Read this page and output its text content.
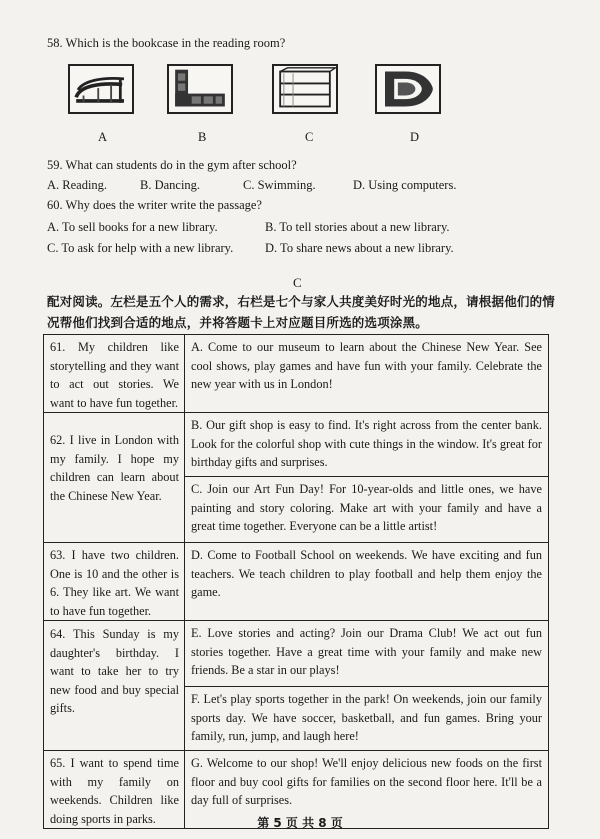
58. Which is the bookcase in the reading room?
A	B	C	D
59. What can students do in the gym after school?
A. Reading.	B. Dancing.	C. Swimming.	D. Using computers.
60. Why does the writer write the passage?
A. To sell books for a new library.	B. To tell stories about a new library.
C. To ask for help with a new library.	D. To share news about a new library.
C
配对阅读。左栏是五个人的需求，右栏是七个与家人共度美好时光的地点，请根据他们的情况帮他们找到合适的地点，并将答题卡上对应题目所选的选项涂黑。
61. My children like storytelling and they want to act out stories. We want to have fun together.	A. Come to our museum to learn about the Chinese New Year. See cool shows, play games and have fun with your family. Celebrate the new year with us in London!

62. I live in London with my family. I hope my children can learn about the Chinese New Year.	B. Our gift shop is easy to find. It's right across from the center bank. Look for the colorful shop with cute things in the window. It's great for birthday gifts and surprises.

	C. Join our Art Fun Day! For 10-year-olds and little ones, we have painting and story coloring. Make art with your family and have a great time together. Everyone can be a little artist!

63. I have two children. One is 10 and the other is 6. They like art. We want to have fun together.	D. Come to Football School on weekends. We have exciting and fun teachers. We teach children to play football and help them enjoy the game.

64. This Sunday is my daughter's birthday. I want to take her to try new food and buy special gifts.	E. Love stories and acting? Join our Drama Club! We act out fun stories together. Have a great time with your family and make new friends. Be a star in our plays!

	F. Let's play sports together in the park! On weekends, join our family sports day. We have soccer, basketball, and fun games. Bring your family, run, jump, and laugh here!

65. I want to spend time with my family on weekends. Children like doing sports in parks.	G. Welcome to our shop! We'll enjoy delicious new foods on the first floor and buy cool gifts for families on the second floor here. It'll be a day full of surprises.
第 5 页 共 8 页
